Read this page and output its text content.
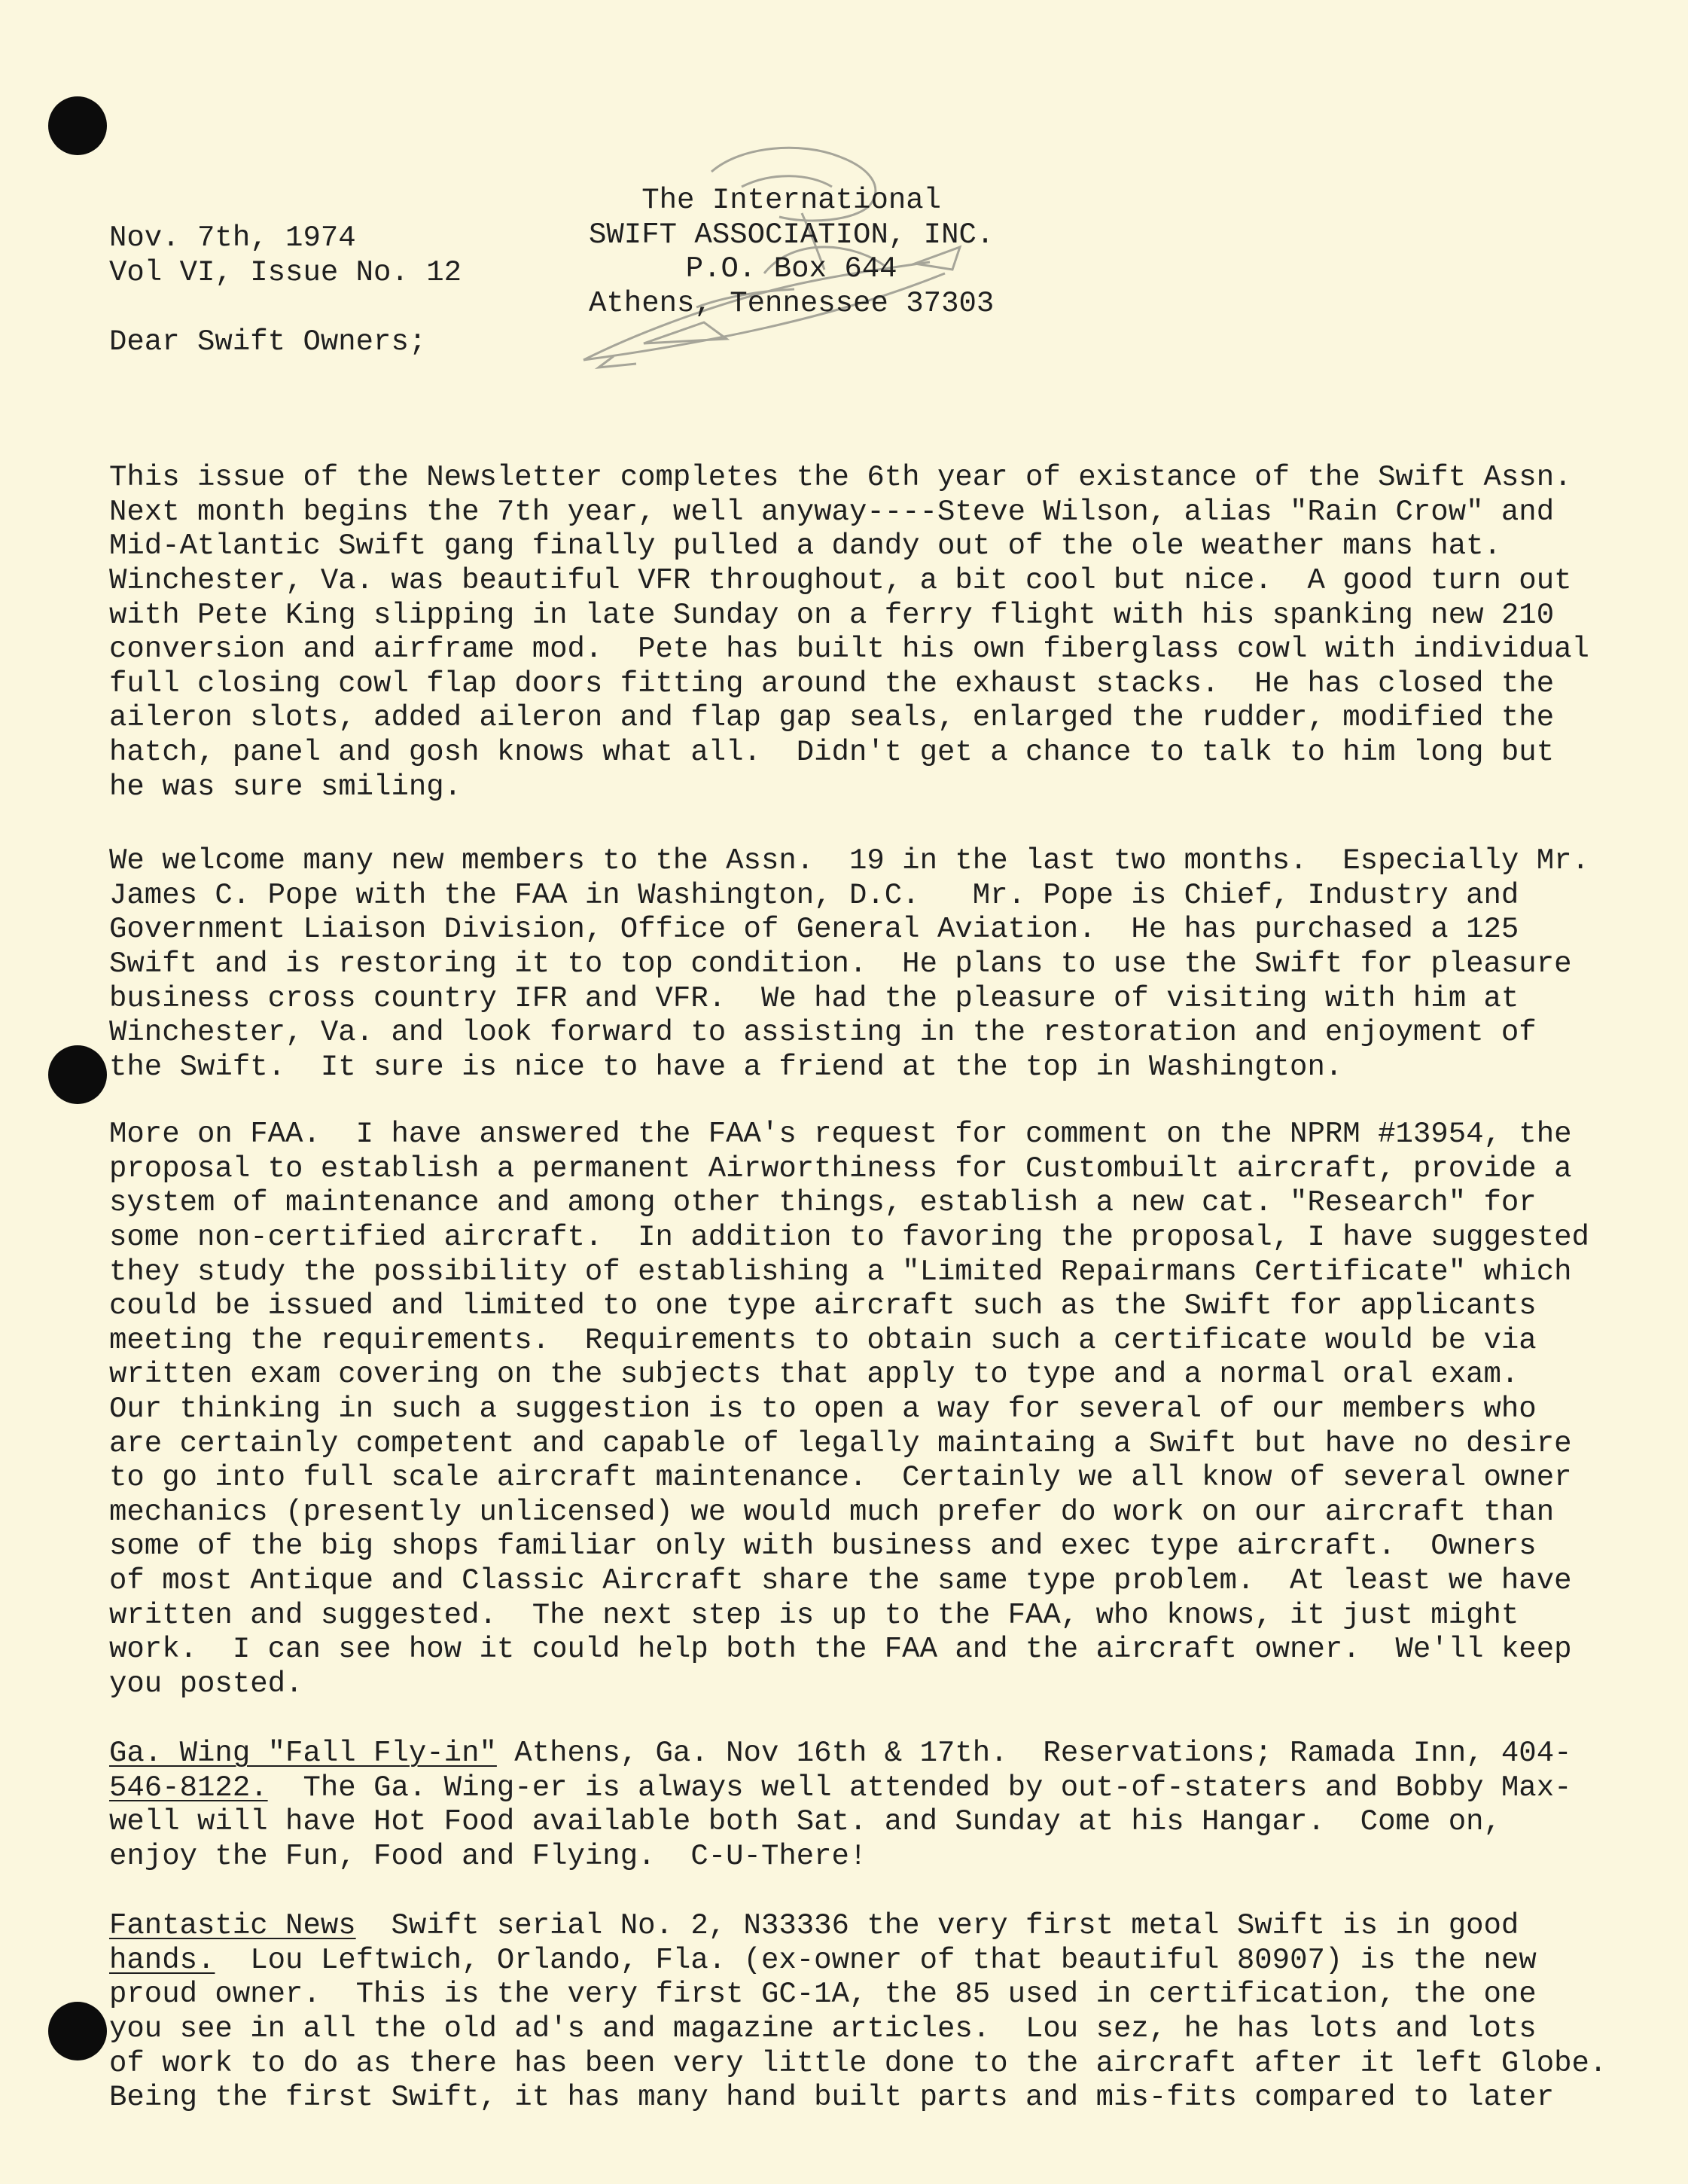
Nov. 7th, 1974
Vol VI, Issue No. 12
The International
SWIFT ASSOCIATION, INC.
P.O. Box 644
Athens, Tennessee 37303
Dear Swift Owners;

This issue of the Newsletter completes the 6th year of existance of the Swift Assn.
Next month begins the 7th year, well anyway----Steve Wilson, alias "Rain Crow" and
Mid-Atlantic Swift gang finally pulled a dandy out of the ole weather mans hat.
Winchester, Va. was beautiful VFR throughout, a bit cool but nice.  A good turn out
with Pete King slipping in late Sunday on a ferry flight with his spanking new 210
conversion and airframe mod.  Pete has built his own fiberglass cowl with individual
full closing cowl flap doors fitting around the exhaust stacks.  He has closed the
aileron slots, added aileron and flap gap seals, enlarged the rudder, modified the
hatch, panel and gosh knows what all.  Didn't get a chance to talk to him long but
he was sure smiling.

We welcome many new members to the Assn.  19 in the last two months.  Especially Mr.
James C. Pope with the FAA in Washington, D.C.   Mr. Pope is Chief, Industry and
Government Liaison Division, Office of General Aviation.  He has purchased a 125
Swift and is restoring it to top condition.  He plans to use the Swift for pleasure
business cross country IFR and VFR.  We had the pleasure of visiting with him at
Winchester, Va. and look forward to assisting in the restoration and enjoyment of
the Swift.  It sure is nice to have a friend at the top in Washington.

More on FAA.  I have answered the FAA's request for comment on the NPRM #13954, the
proposal to establish a permanent Airworthiness for Custombuilt aircraft, provide a
system of maintenance and among other things, establish a new cat. "Research" for
some non-certified aircraft.  In addition to favoring the proposal, I have suggested
they study the possibility of establishing a "Limited Repairmans Certificate" which
could be issued and limited to one type aircraft such as the Swift for applicants
meeting the requirements.  Requirements to obtain such a certificate would be via
written exam covering on the subjects that apply to type and a normal oral exam.
Our thinking in such a suggestion is to open a way for several of our members who
are certainly competent and capable of legally maintaing a Swift but have no desire
to go into full scale aircraft maintenance.  Certainly we all know of several owner
mechanics (presently unlicensed) we would much prefer do work on our aircraft than
some of the big shops familiar only with business and exec type aircraft.  Owners
of most Antique and Classic Aircraft share the same type problem.  At least we have
written and suggested.  The next step is up to the FAA, who knows, it just might
work.  I can see how it could help both the FAA and the aircraft owner.  We'll keep
you posted.

Ga. Wing "Fall Fly-in" Athens, Ga. Nov 16th & 17th.  Reservations; Ramada Inn, 404-
546-8122.  The Ga. Wing-er is always well attended by out-of-staters and Bobby Max-
well will have Hot Food available both Sat. and Sunday at his Hangar.  Come on,
enjoy the Fun, Food and Flying.  C-U-There!

Fantastic News  Swift serial No. 2, N33336 the very first metal Swift is in good
hands.  Lou Leftwich, Orlando, Fla. (ex-owner of that beautiful 80907) is the new
proud owner.  This is the very first GC-1A, the 85 used in certification, the one
you see in all the old ad's and magazine articles.  Lou sez, he has lots and lots
of work to do as there has been very little done to the aircraft after it left Globe.
Being the first Swift, it has many hand built parts and mis-fits compared to later
